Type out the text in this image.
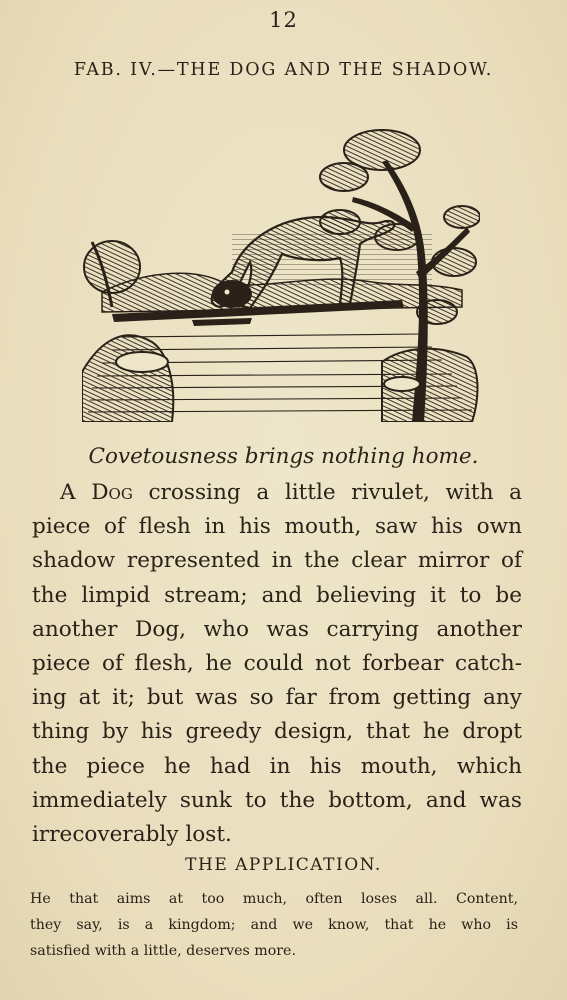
12
FAB. IV.—THE DOG AND THE SHADOW.
Covetousness brings nothing home.
A Dog crossing a little rivulet, with a
piece of flesh in his mouth, saw his own
shadow represented in the clear mirror of
the limpid stream; and believing it to be
another Dog, who was carrying another
piece of flesh, he could not forbear catch-
ing at it; but was so far from getting any
thing by his greedy design, that he dropt
the piece he had in his mouth, which
immediately sunk to the bottom, and was
irrecoverably lost.
THE APPLICATION.
He that aims at too much, often loses all. Content,
they say, is a kingdom; and we know, that he who is
satisfied with a little, deserves more.
